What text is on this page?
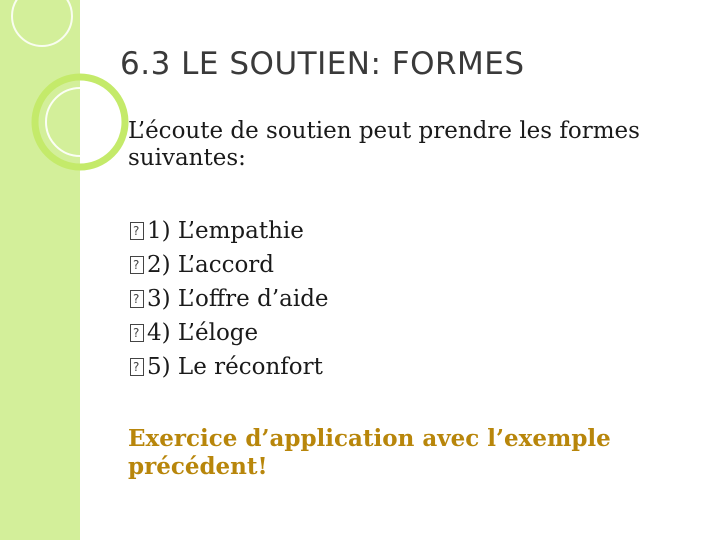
6.3 LE SOUTIEN: FORMES
L’écoute de soutien peut prendre les formes suivantes:
?1) L’empathie
?2) L’accord
?3) L’offre d’aide
?4) L’éloge
?5) Le réconfort
Exercice d’application avec l’exemple précédent!
